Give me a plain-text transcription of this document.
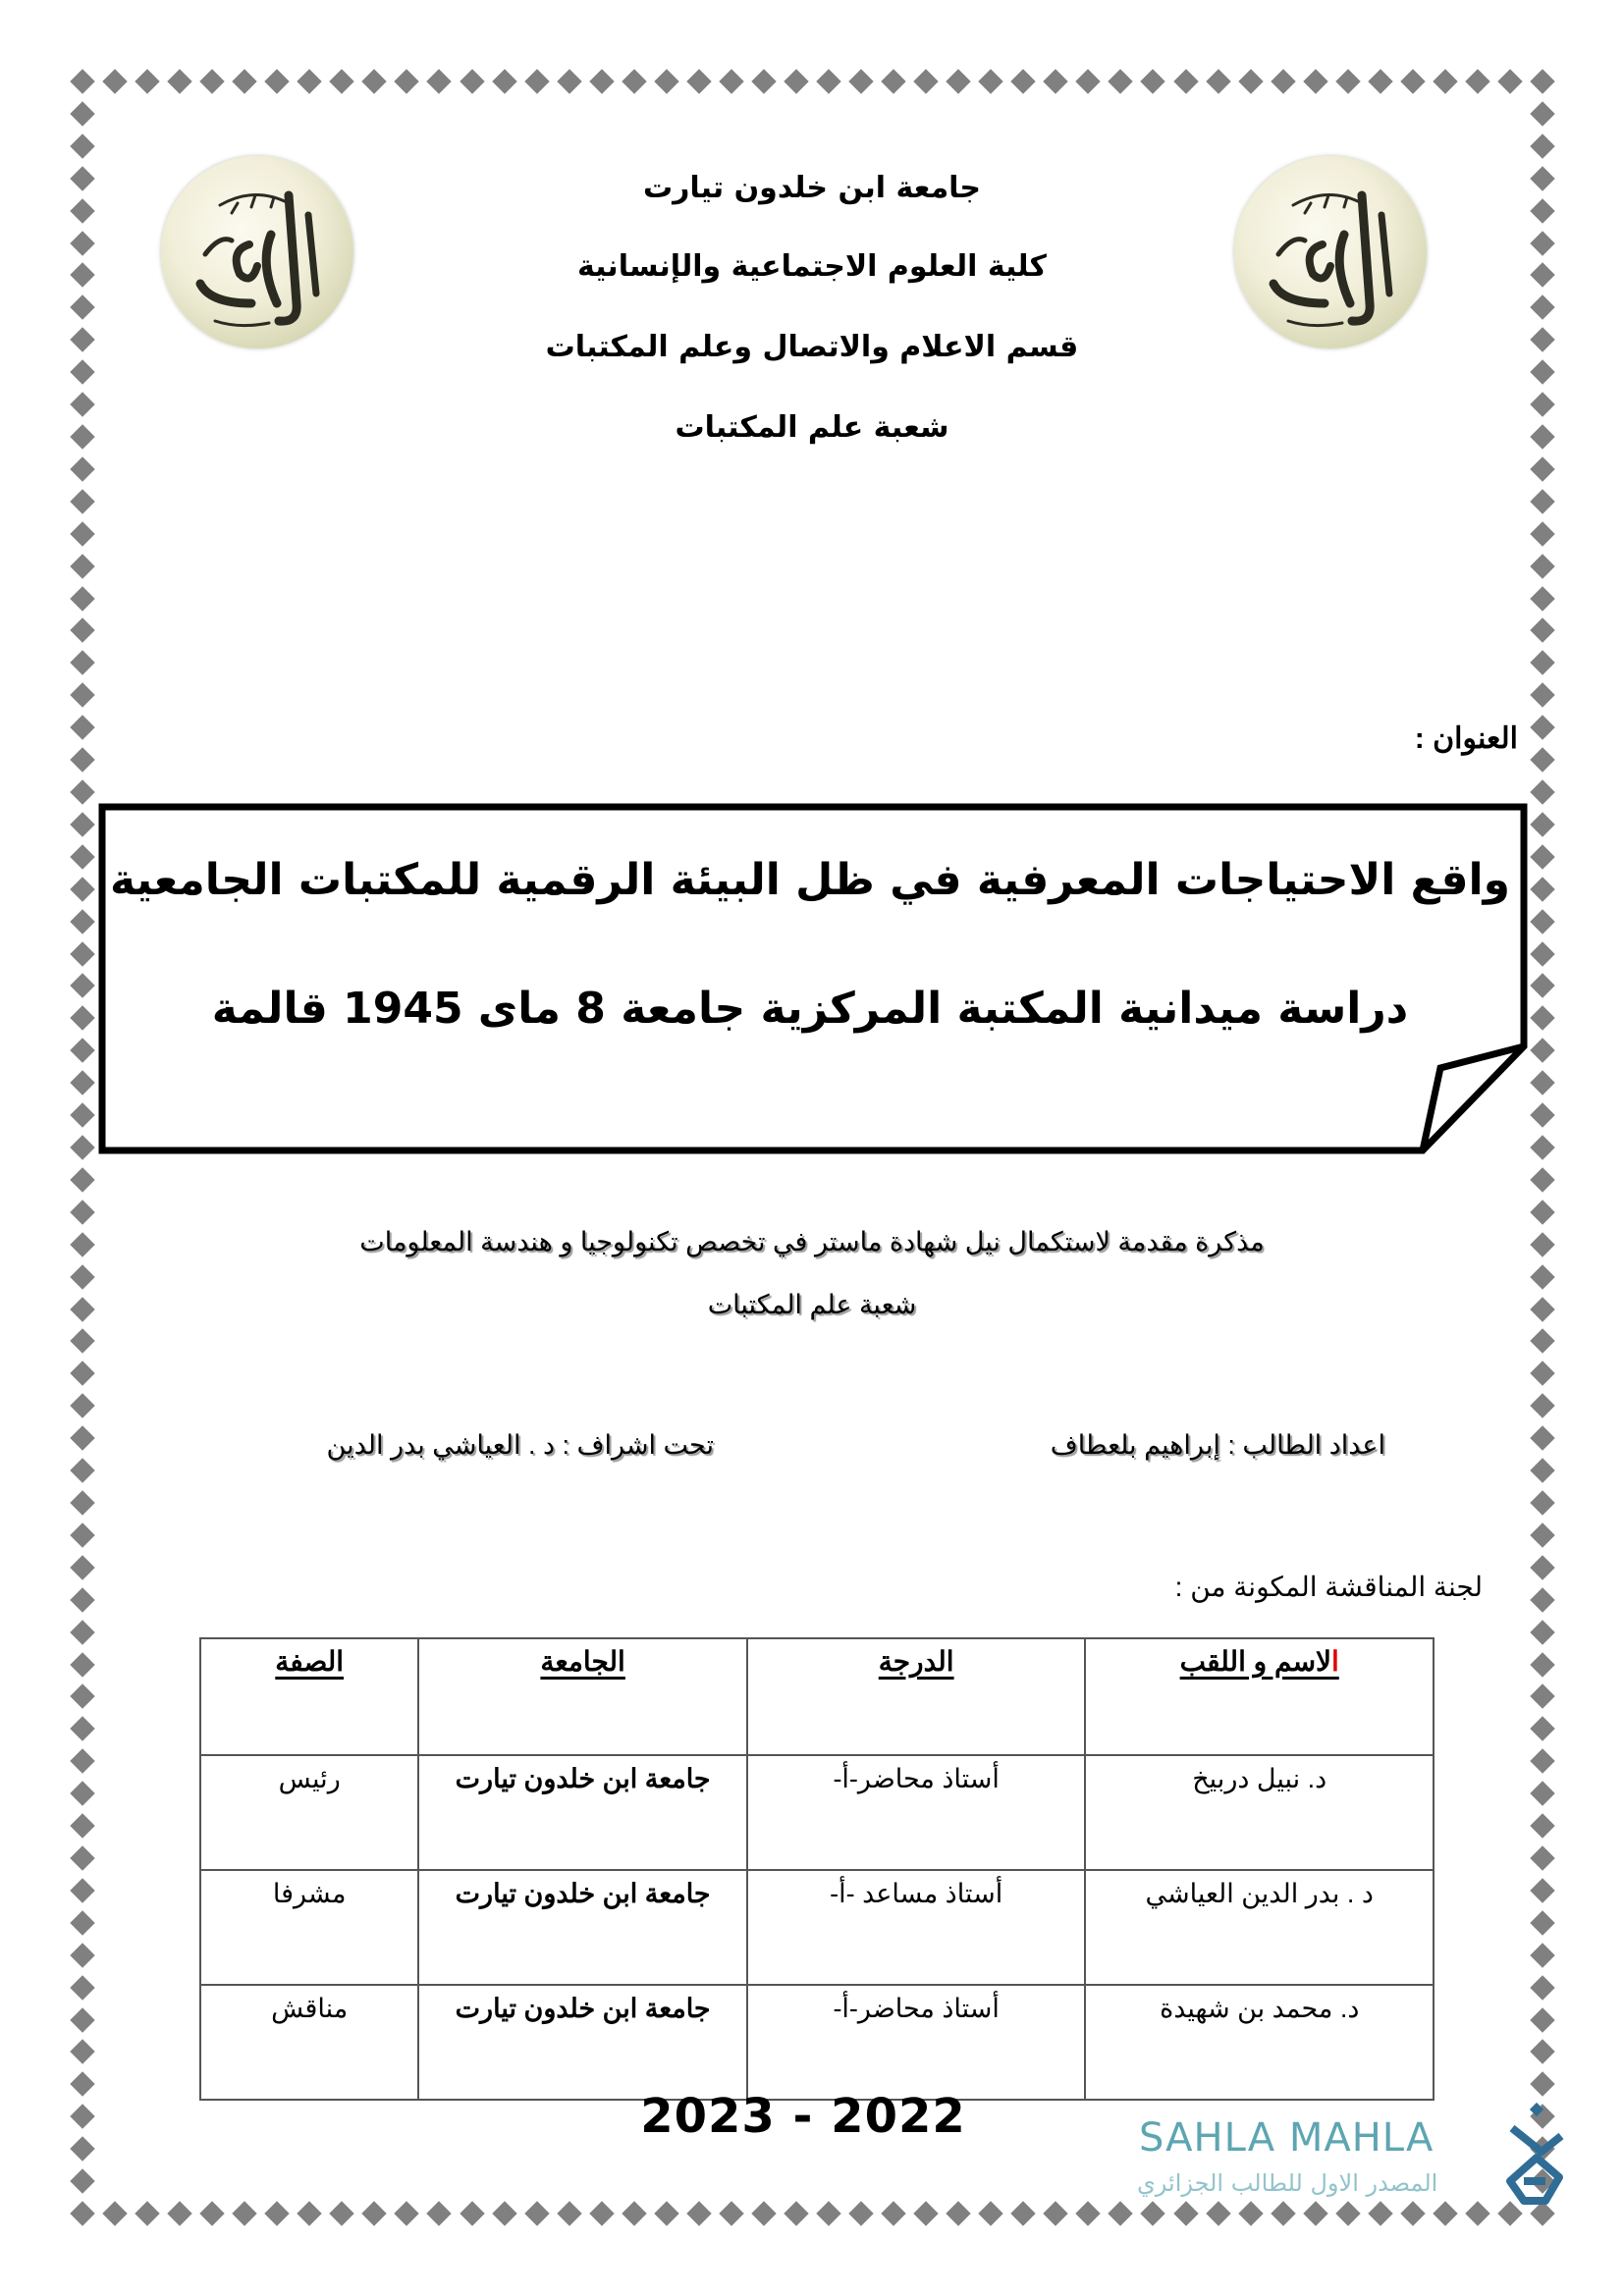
جامعة ابن خلدون تيارت
كلية العلوم الاجتماعية والإنسانية
قسم الاعلام والاتصال وعلم المكتبات
شعبة علم المكتبات
العنوان :
واقع الاحتياجات المعرفية في ظل البيئة الرقمية للمكتبات الجامعية
دراسة ميدانية المكتبة المركزية جامعة 8 ماى 1945 قالمة
مذكرة مقدمة لاستكمال نيل شهادة ماستر في تخصص تكنولوجيا و هندسة المعلومات
شعبة علم المكتبات
اعداد الطالب : إبراهيم بلعطاف
تحت اشراف : د . العياشي بدر الدين
لجنة المناقشة المكونة من :
الاسم و اللقب	الدرجة	الجامعة	الصفة
د. نبيل دربيخ	أستاذ محاضر-أ-	جامعة ابن خلدون تيارت	رئيس
د . بدر الدين العياشي	أستاذ مساعد -أ-	جامعة ابن خلدون تيارت	مشرفا
د. محمد بن شهيدة	أستاذ محاضر-أ-	جامعة ابن خلدون تيارت	مناقش
2023 - 2022	SAHLA MAHLA
المصدر الاول للطالب الجزائري
